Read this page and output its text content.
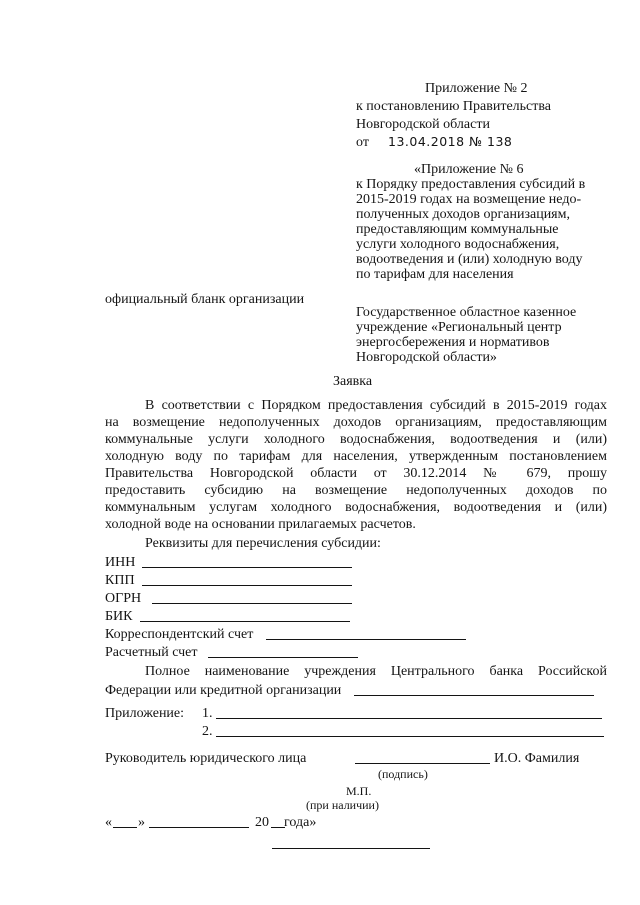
Приложение № 2
к постановлению Правительства
Новгородской области
от 13.04.2018 № 138
«Приложение № 6
к Порядку предоставления субсидий в
2015-2019 годах на возмещение недо-
полученных доходов организациям,
предоставляющим коммунальные
услуги холодного водоснабжения,
водоотведения и (или) холодную воду
по тарифам для населения
официальный бланк организации
Государственное областное казенное
учреждение «Региональный центр
энергосбережения и нормативов
Новгородской области»
Заявка
В соответствии с Порядком предоставления субсидий в 2015-2019 годах
на возмещение недополученных доходов организациям, предоставляющим
коммунальные услуги холодного водоснабжения, водоотведения и (или)
холодную воду по тарифам для населения, утвержденным постановлением
Правительства Новгородской области от 30.12.2014 № 679, прошу
предоставить субсидию на возмещение недополученных доходов по
коммунальным услугам холодного водоснабжения, водоотведения и (или)
холодной воде на основании прилагаемых расчетов.
Реквизиты для перечисления субсидии:
ИНН
КПП
ОГРН
БИК
Корреспондентский счет
Расчетный счет
Полное наименование учреждения Центрального банка Российской
Федерации или кредитной организации
Приложение: 1.
2.
Руководитель юридического лица	И.О. Фамилия
(подпись)
М.П.
(при наличии)
« »	20 года»
